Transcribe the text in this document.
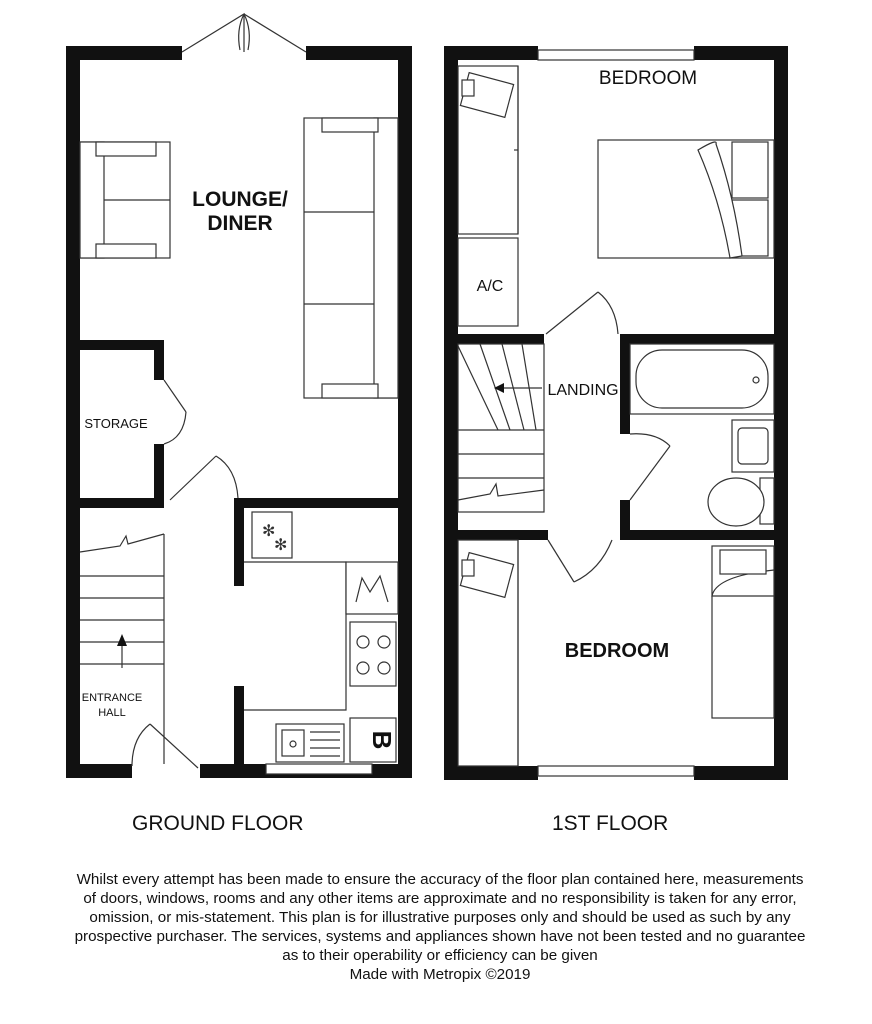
✻
✻
B
LOUNGE/
DINER
STORAGE
ENTRANCE
HALL
A/C
BEDROOM
LANDING
BEDROOM
GROUND FLOOR	1ST FLOOR
Whilst every attempt has been made to ensure the accuracy of the floor plan contained here, measurements
of doors, windows, rooms and any other items are approximate and no responsibility is taken for any error,
omission, or mis-statement. This plan is for illustrative purposes only and should be used as such by any
prospective purchaser. The services, systems and appliances shown have not been tested and no guarantee
as to their operability or efficiency can be given
Made with Metropix ©2019
